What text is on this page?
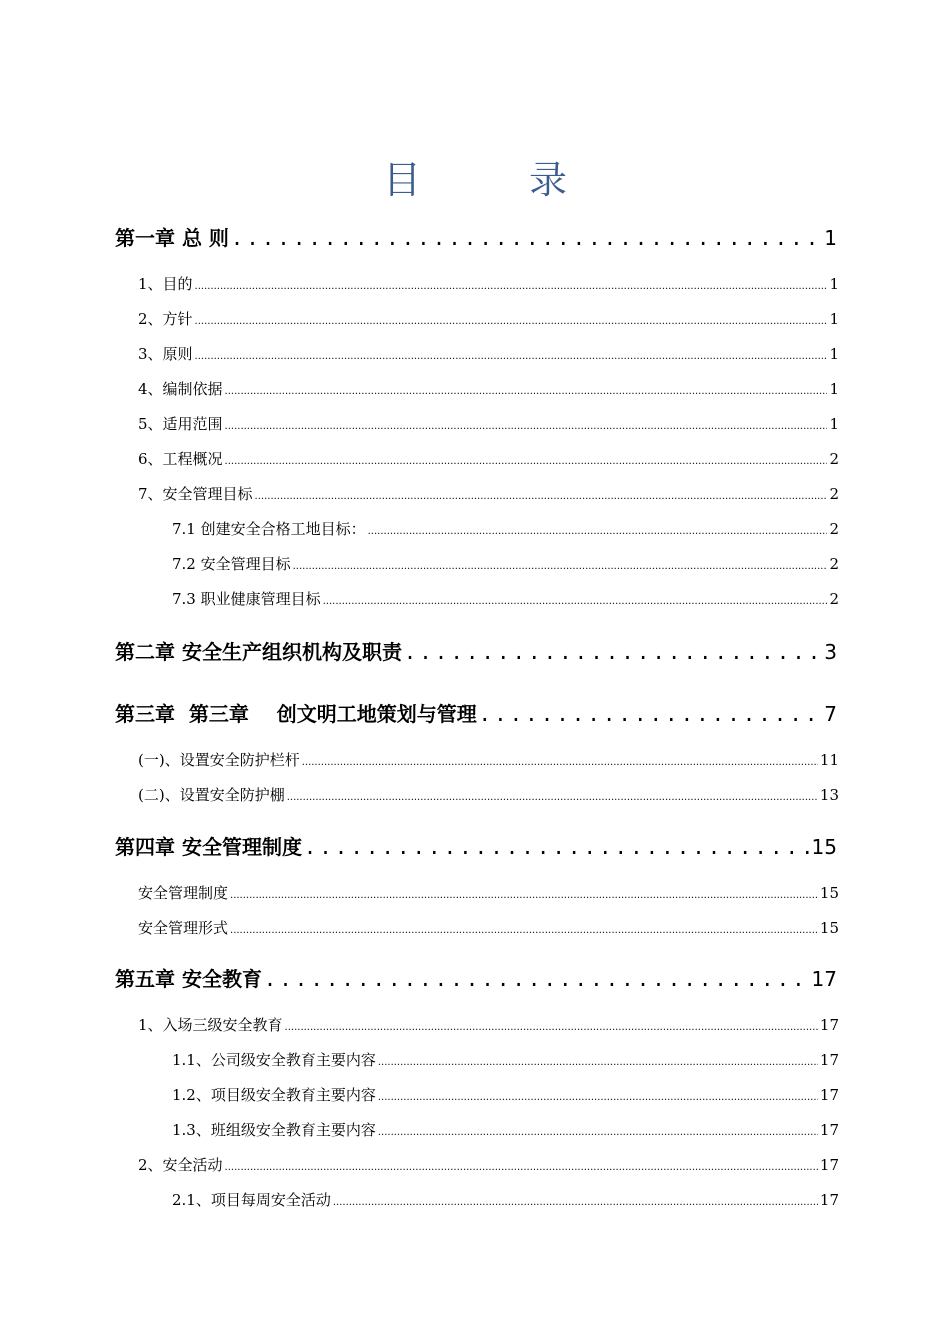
目 录
第一章 总 则 .....	1
1、目的 .....	1
2、方针 .....	1
3、原则 .....	1
4、编制依据 .....	1
5、适用范围 .....	1
6、工程概况 .....	2
7、安全管理目标 .....	2
7.1 创建安全合格工地目标： .....	2
7.2 安全管理目标 .....	2
7.3 职业健康管理目标 .....	2
第二章 安全生产组织机构及职责 .....	3
第三章  第三章    创文明工地策划与管理 .....	7
(一)、设置安全防护栏杆 .....	11
(二)、设置安全防护棚 .....	13
第四章 安全管理制度 .....	15
安全管理制度 .....	15
安全管理形式 .....	15
第五章 安全教育 .....	17
1、入场三级安全教育 .....	17
1.1、公司级安全教育主要内容 .....	17
1.2、项目级安全教育主要内容 .....	17
1.3、班组级安全教育主要内容 .....	17
2、安全活动 .....	17
2.1、项目每周安全活动 .....	17
